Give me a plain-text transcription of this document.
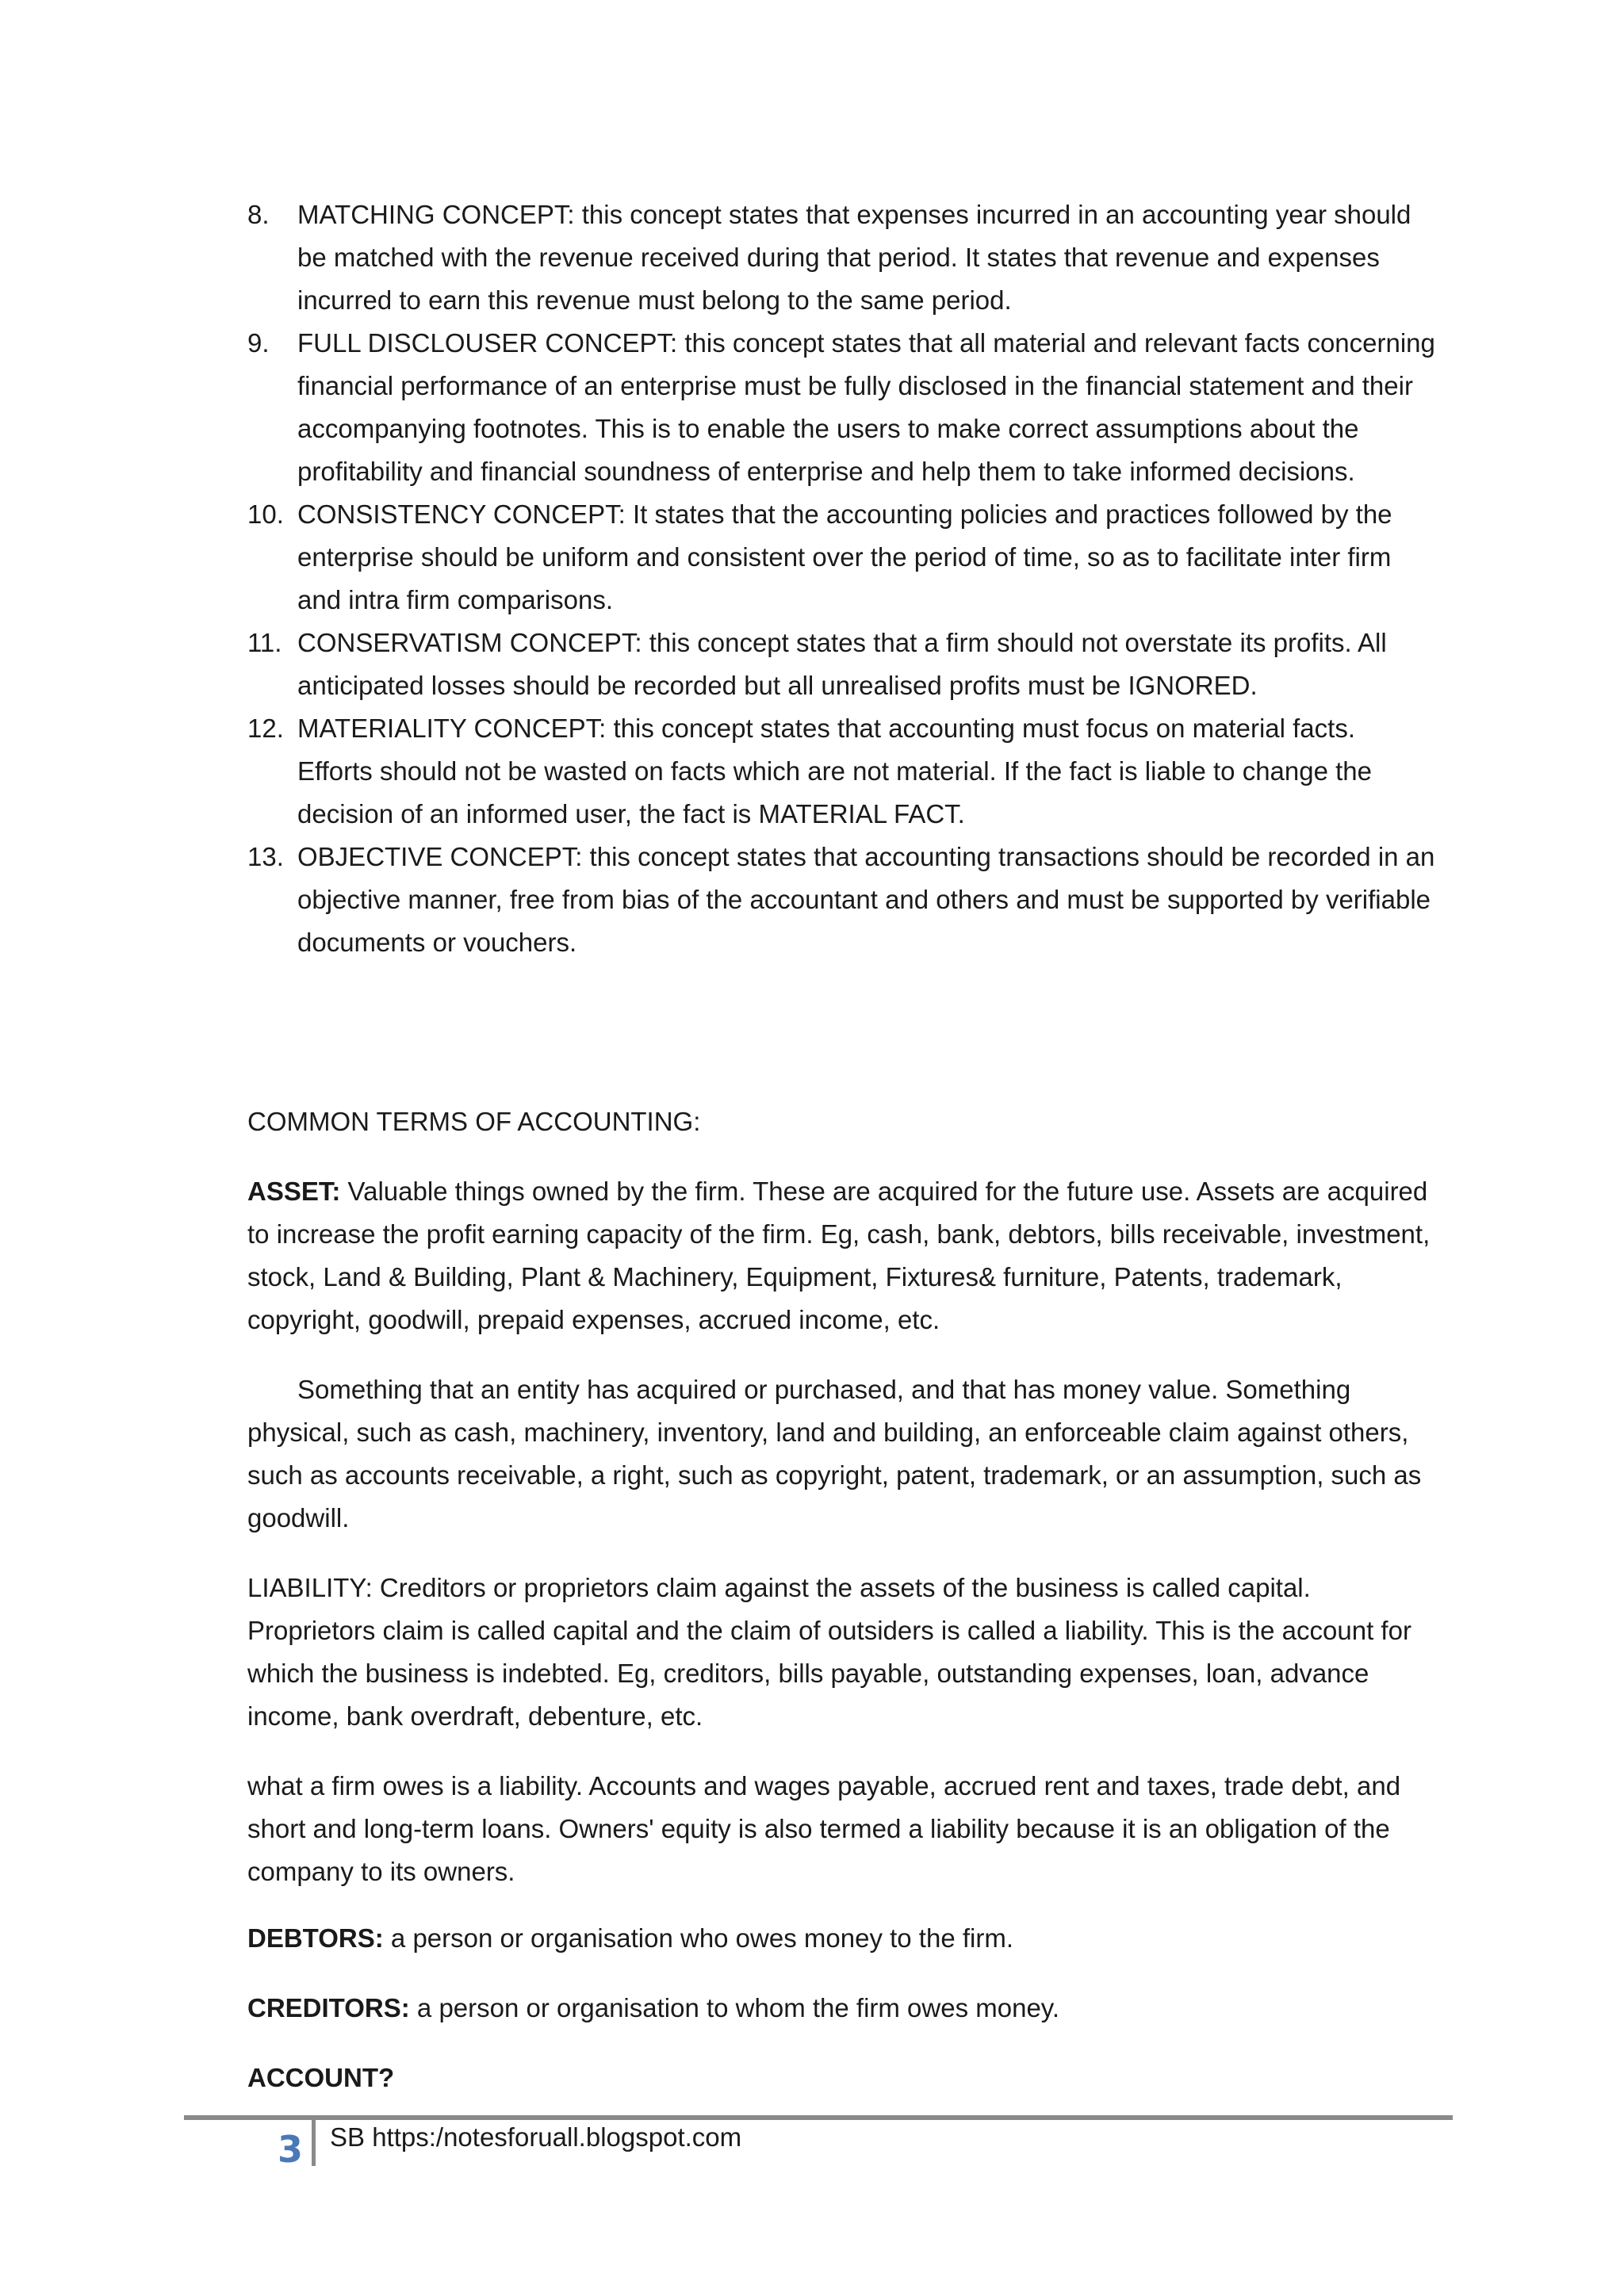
8. MATCHING CONCEPT: this concept states that expenses incurred in an accounting year should be matched with the revenue received during that period. It states that revenue and expenses incurred to earn this revenue must belong to the same period.
9. FULL DISCLOUSER CONCEPT: this concept states that all material and relevant facts concerning financial performance of an enterprise must be fully disclosed in the financial statement and their accompanying footnotes. This is to enable the users to make correct assumptions about the profitability and financial soundness of enterprise and help them to take informed decisions.
10. CONSISTENCY CONCEPT: It states that the accounting policies and practices followed by the enterprise should be uniform and consistent over the period of time, so as to facilitate inter firm and intra firm comparisons.
11. CONSERVATISM CONCEPT: this concept states that a firm should not overstate its profits. All anticipated losses should be recorded but all unrealised profits must be IGNORED.
12. MATERIALITY CONCEPT: this concept states that accounting must focus on material facts. Efforts should not be wasted on facts which are not material. If the fact is liable to change the decision of an informed user, the fact is MATERIAL FACT.
13. OBJECTIVE CONCEPT: this concept states that accounting transactions should be recorded in an objective manner, free from bias of the accountant and others and must be supported by verifiable documents or vouchers.

COMMON TERMS OF ACCOUNTING:

ASSET: Valuable things owned by the firm. These are acquired for the future use. Assets are acquired to increase the profit earning capacity of the firm. Eg, cash, bank, debtors, bills receivable, investment, stock, Land & Building, Plant & Machinery, Equipment, Fixtures& furniture, Patents, trademark, copyright, goodwill, prepaid expenses, accrued income, etc.

Something that an entity has acquired or purchased, and that has money value. Something physical, such as cash, machinery, inventory, land and building, an enforceable claim against others, such as accounts receivable, a right, such as copyright, patent, trademark, or an assumption, such as goodwill.

LIABILITY: Creditors or proprietors claim against the assets of the business is called capital. Proprietors claim is called capital and the claim of outsiders is called a liability. This is the account for which the business is indebted. Eg, creditors, bills payable, outstanding expenses, loan, advance income, bank overdraft, debenture, etc.

what a firm owes is a liability. Accounts and wages payable, accrued rent and taxes, trade debt, and short and long-term loans. Owners' equity is also termed a liability because it is an obligation of the company to its owners.

DEBTORS: a person or organisation who owes money to the firm.

CREDITORS: a person or organisation to whom the firm owes money.

ACCOUNT?

3 SB https:/notesforuall.blogspot.com
